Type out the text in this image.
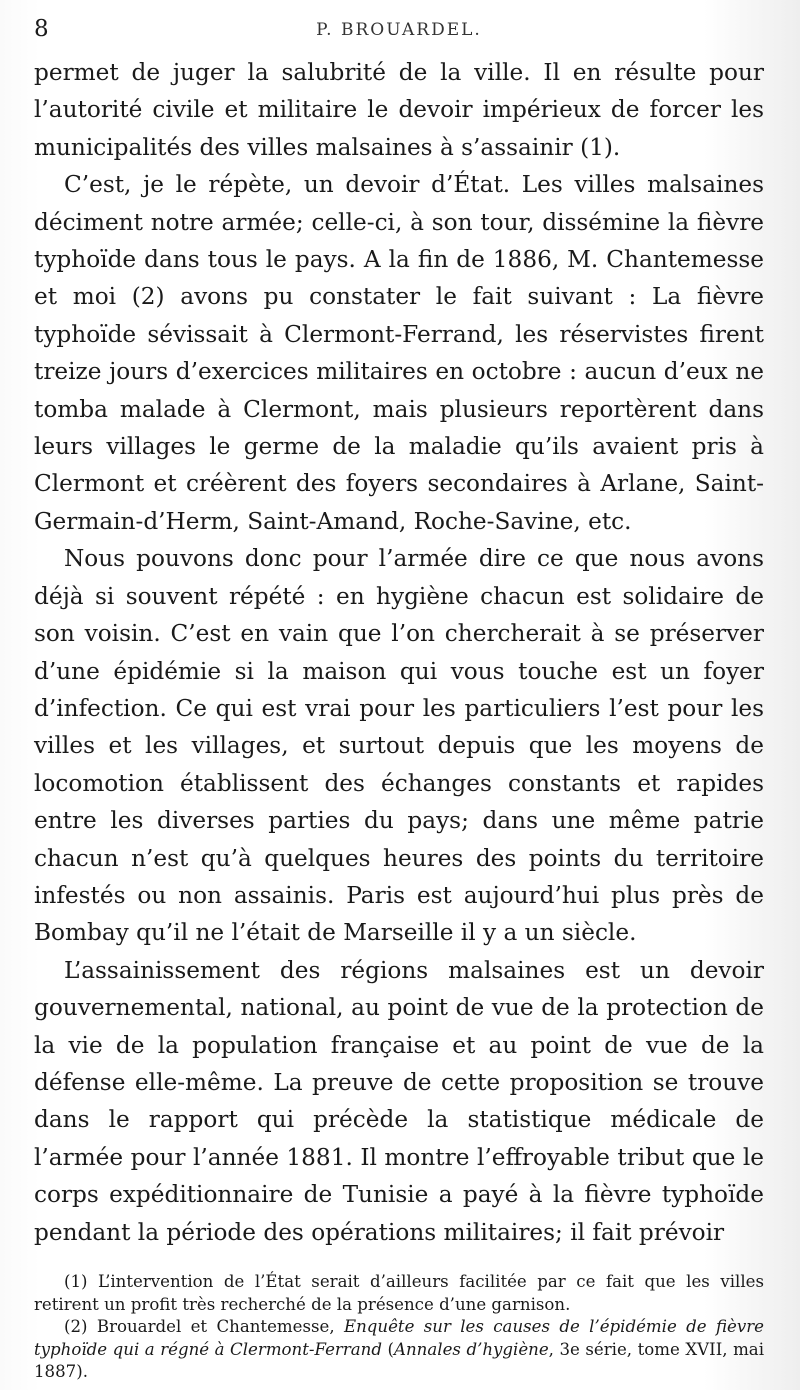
8	P. BROUARDEL.

permet de juger la salubrité de la ville. Il en résulte pour l’autorité civile et militaire le devoir impérieux de forcer les municipalités des villes malsaines à s’assainir (1).

C’est, je le répète, un devoir d’État. Les villes malsaines déciment notre armée; celle-ci, à son tour, dissémine la fièvre typhoïde dans tous le pays. A la fin de 1886, M. Chantemesse et moi (2) avons pu constater le fait suivant : La fièvre typhoïde sévissait à Clermont-Ferrand, les réservistes firent treize jours d’exercices militaires en octobre : aucun d’eux ne tomba malade à Clermont, mais plusieurs reportèrent dans leurs villages le germe de la maladie qu’ils avaient pris à Clermont et créèrent des foyers secondaires à Arlane, Saint-Germain-d’Herm, Saint-Amand, Roche-Savine, etc.

Nous pouvons donc pour l’armée dire ce que nous avons déjà si souvent répété : en hygiène chacun est solidaire de son voisin. C’est en vain que l’on chercherait à se préserver d’une épidémie si la maison qui vous touche est un foyer d’infection. Ce qui est vrai pour les particuliers l’est pour les villes et les villages, et surtout depuis que les moyens de locomotion établissent des échanges constants et rapides entre les diverses parties du pays; dans une même patrie chacun n’est qu’à quelques heures des points du territoire infestés ou non assainis. Paris est aujourd’hui plus près de Bombay qu’il ne l’était de Marseille il y a un siècle.

L’assainissement des régions malsaines est un devoir gouvernemental, national, au point de vue de la protection de la vie de la population française et au point de vue de la défense elle-même. La preuve de cette proposition se trouve dans le rapport qui précède la statistique médicale de l’armée pour l’année 1881. Il montre l’effroyable tribut que le corps expéditionnaire de Tunisie a payé à la fièvre typhoïde pendant la période des opérations militaires; il fait prévoir

(1) L’intervention de l’État serait d’ailleurs facilitée par ce fait que les villes retirent un profit très recherché de la présence d’une garnison.

(2) Brouardel et Chantemesse, Enquête sur les causes de l’épidémie de fièvre typhoïde qui a régné à Clermont-Ferrand (Annales d’hygiène, 3e série, tome XVII, mai 1887).
